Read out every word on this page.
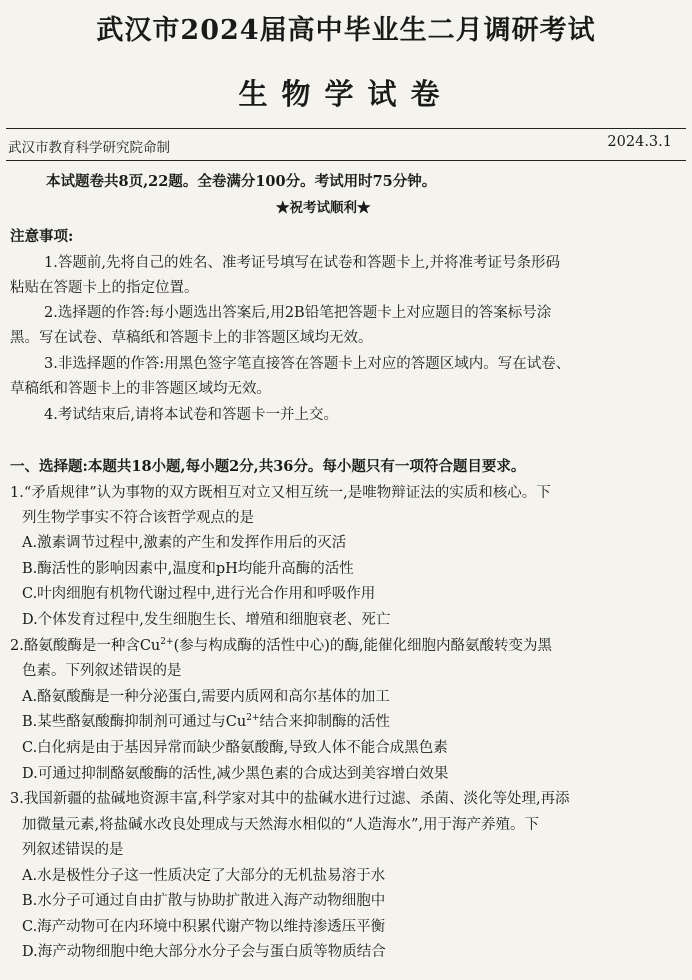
武汉市2024届高中毕业生二月调研考试
生物学试卷
武汉市教育科学研究院命制	2024.3.1
本试题卷共8页,22题。全卷满分100分。考试用时75分钟。
★祝考试顺利★
注意事项:
1.答题前,先将自己的姓名、准考证号填写在试卷和答题卡上,并将准考证号条形码
粘贴在答题卡上的指定位置。
2.选择题的作答:每小题选出答案后,用2B铅笔把答题卡上对应题目的答案标号涂
黑。写在试卷、草稿纸和答题卡上的非答题区域均无效。
3.非选择题的作答:用黑色签字笔直接答在答题卡上对应的答题区域内。写在试卷、
草稿纸和答题卡上的非答题区域均无效。
4.考试结束后,请将本试卷和答题卡一并上交。
一、选择题:本题共18小题,每小题2分,共36分。每小题只有一项符合题目要求。
1.“矛盾规律”认为事物的双方既相互对立又相互统一,是唯物辩证法的实质和核心。下
列生物学事实不符合该哲学观点的是
A.激素调节过程中,激素的产生和发挥作用后的灭活
B.酶活性的影响因素中,温度和pH均能升高酶的活性
C.叶肉细胞有机物代谢过程中,进行光合作用和呼吸作用
D.个体发育过程中,发生细胞生长、增殖和细胞衰老、死亡
2.酪氨酸酶是一种含$Cu^{2+}$(参与构成酶的活性中心)的酶,能催化细胞内酪氨酸转变为黑
色素。下列叙述错误的是
A.酪氨酸酶是一种分泌蛋白,需要内质网和高尔基体的加工
B.某些酪氨酸酶抑制剂可通过与$Cu^{2+}$结合来抑制酶的活性
C.白化病是由于基因异常而缺少酪氨酸酶,导致人体不能合成黑色素
D.可通过抑制酪氨酸酶的活性,减少黑色素的合成达到美容增白效果
3.我国新疆的盐碱地资源丰富,科学家对其中的盐碱水进行过滤、杀菌、淡化等处理,再添
加微量元素,将盐碱水改良处理成与天然海水相似的“人造海水”,用于海产养殖。下
列叙述错误的是
A.水是极性分子这一性质决定了大部分的无机盐易溶于水
B.水分子可通过自由扩散与协助扩散进入海产动物细胞中
C.海产动物可在内环境中积累代谢产物以维持渗透压平衡
D.海产动物细胞中绝大部分水分子会与蛋白质等物质结合
